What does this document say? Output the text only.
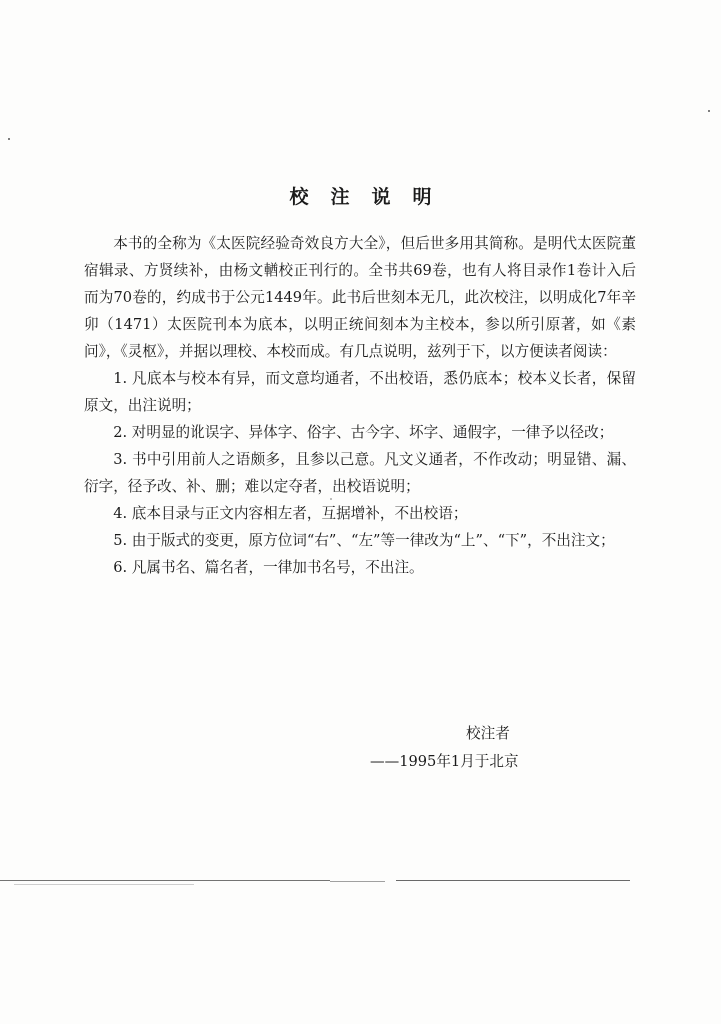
校注说明

本书的全称为《太医院经验奇效良方大全》，但后世多用其简称。是明代太医院董宿辑录、方贤续补，由杨文輶校正刊行的。全书共69卷，也有人将目录作1卷计入后而为70卷的，约成书于公元1449年。此书后世刻本无几，此次校注，以明成化7年辛卯（1471）太医院刊本为底本，以明正统间刻本为主校本，参以所引原著，如《素问》，《灵枢》，并据以理校、本校而成。有几点说明，兹列于下，以方便读者阅读：

1. 凡底本与校本有异，而文意均通者，不出校语，悉仍底本；校本义长者，保留原文，出注说明；

2. 对明显的讹误字、异体字、俗字、古今字、坏字、通假字，一律予以径改；

3. 书中引用前人之语颇多，且参以己意。凡文义通者，不作改动；明显错、漏、衍字，径予改、补、删；难以定夺者，出校语说明；

4. 底本目录与正文内容相左者，互据增补，不出校语；

5. 由于版式的变更，原方位词“右”、“左”等一律改为“上”、“下”，不出注文；

6. 凡属书名、篇名者，一律加书名号，不出注。

校注者
——1995年1月于北京
